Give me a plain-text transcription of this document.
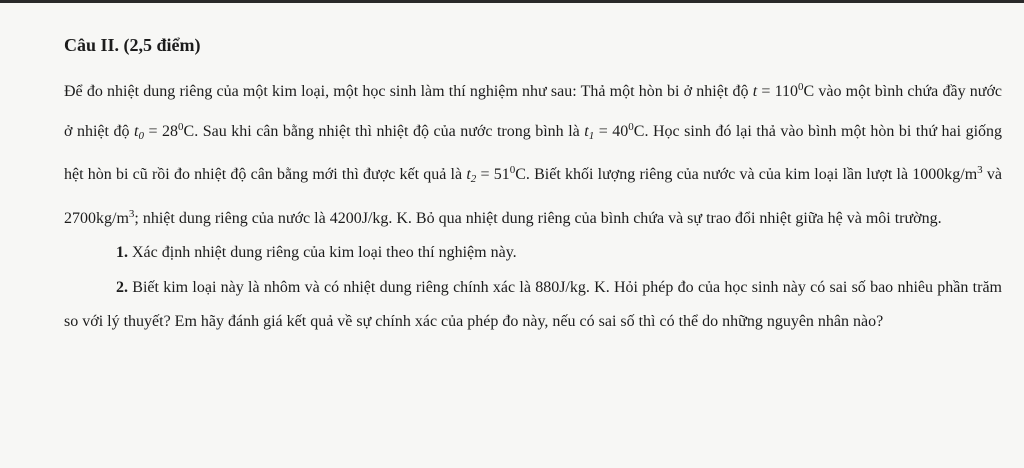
Câu II. (2,5 điểm)

Để đo nhiệt dung riêng của một kim loại, một học sinh làm thí nghiệm như sau: Thả một hòn bi ở nhiệt độ $t = 110^0C$ vào một bình chứa đầy nước ở nhiệt độ $t_0 = 28^0C$. Sau khi cân bằng nhiệt thì nhiệt độ của nước trong bình là $t_1 = 40^0C$. Học sinh đó lại thả vào bình một hòn bi thứ hai giống hệt hòn bi cũ rồi đo nhiệt độ cân bằng mới thì được kết quả là $t_2 = 51^0C$. Biết khối lượng riêng của nước và của kim loại lần lượt là $1000kg/m^3$ và $2700kg/m^3$; nhiệt dung riêng của nước là 4200J/kg. K. Bỏ qua nhiệt dung riêng của bình chứa và sự trao đổi nhiệt giữa hệ và môi trường.

1. Xác định nhiệt dung riêng của kim loại theo thí nghiệm này.

2. Biết kim loại này là nhôm và có nhiệt dung riêng chính xác là 880J/kg. K. Hỏi phép đo của học sinh này có sai số bao nhiêu phần trăm so với lý thuyết? Em hãy đánh giá kết quả về sự chính xác của phép đo này, nếu có sai số thì có thể do những nguyên nhân nào?
